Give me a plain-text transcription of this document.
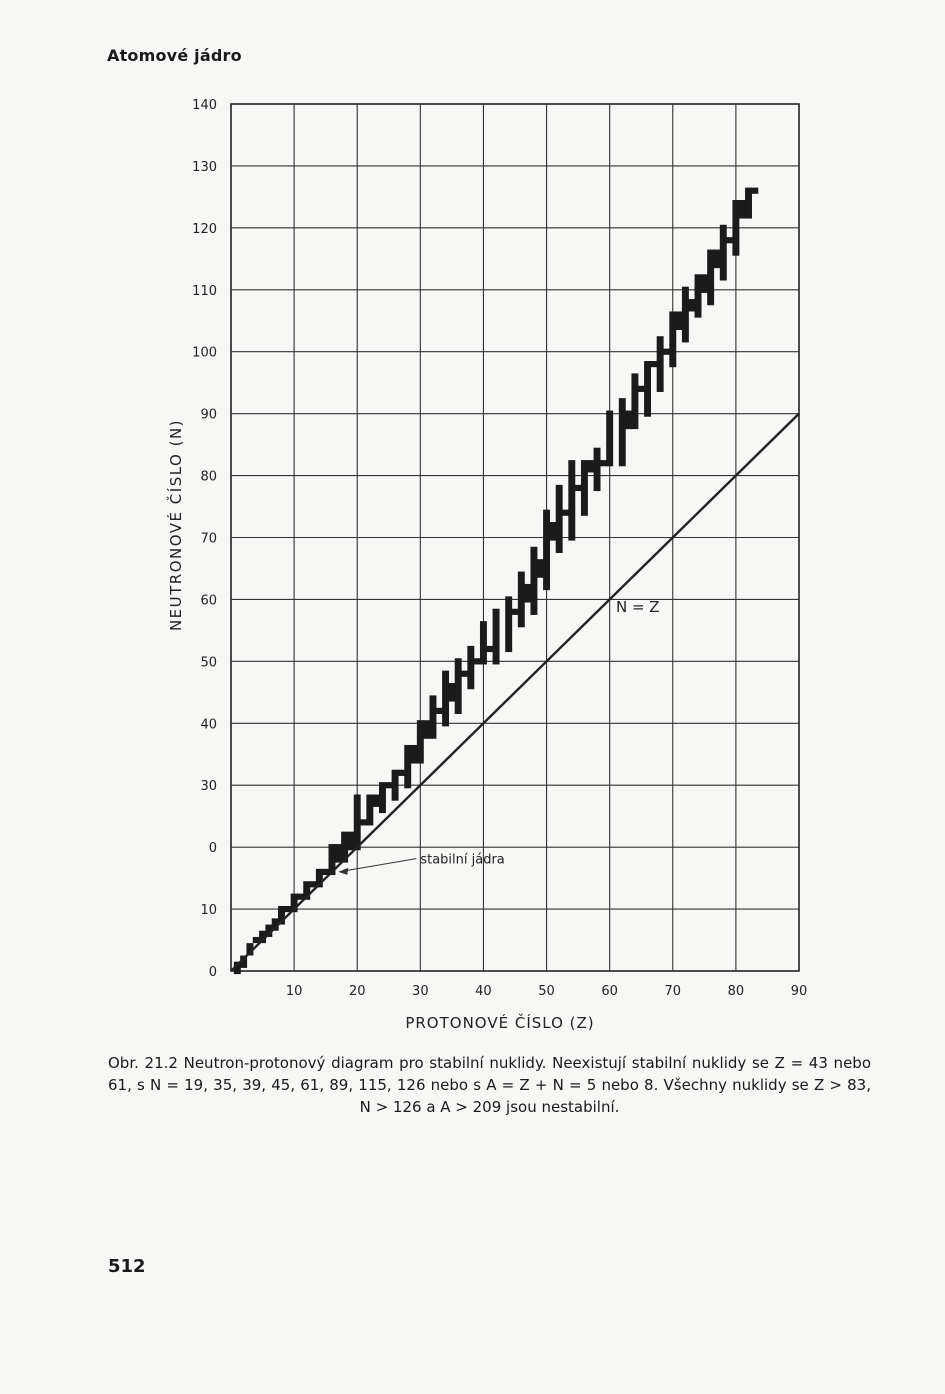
Atomové jádro
N = Z
stabilní jádra
10	20	30	40	50	60	70	80	90
0
10
0
30
40
50
60
70
80
90
100
110
120
130
140
PROTONOVÉ ČÍSLO (Z)
NEUTRONOVÉ ČÍSLO (N)
Obr. 21.2 Neutron-protonový diagram pro stabilní nuklidy. Neexistují stabilní nuklidy se Z = 43 nebo 61, s N = 19, 35, 39, 45, 61, 89, 115, 126 nebo s A = Z + N = 5 nebo 8. Všechny nuklidy se Z > 83, N > 126 a A > 209 jsou nestabilní.
512
